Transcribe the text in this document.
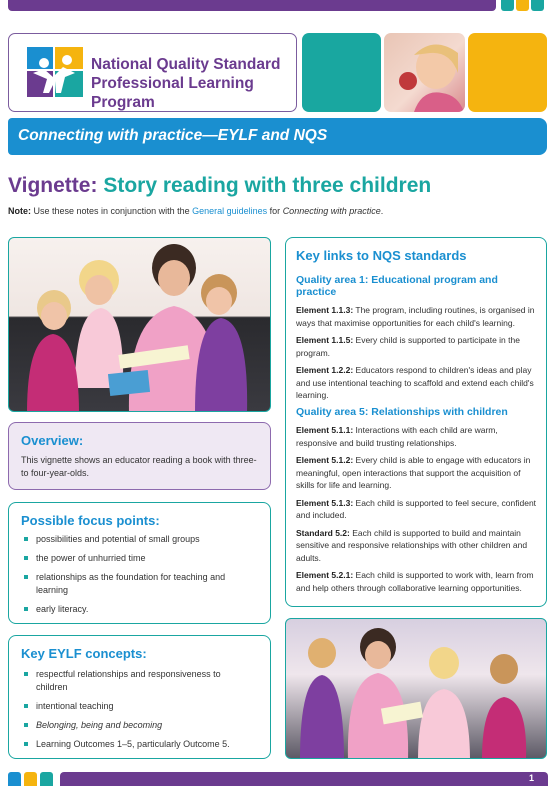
National Quality Standard
Professional Learning Program
Connecting with practice—EYLF and NQS
Vignette: Story reading with three children
Note: Use these notes in conjunction with the General guidelines for Connecting with practice.
Overview:

This vignette shows an educator reading a book with three- to four-year-olds.

Possible focus points:
possibilities and potential of small groups
the power of unhurried time
relationships as the foundation for teaching and learning
early literacy.
Key EYLF concepts:
respectful relationships and responsiveness to children
intentional teaching
Belonging, being and becoming
Learning Outcomes 1–5, particularly Outcome 5.
Key links to NQS standards
Quality area 1: Educational program and practice

Element 1.1.3: The program, including routines, is organised in ways that maximise opportunities for each child's learning.

Element 1.1.5: Every child is supported to participate in the program.

Element 1.2.2: Educators respond to children's ideas and play and use intentional teaching to scaffold and extend each child's learning.

Quality area 5: Relationships with children

Element 5.1.1: Interactions with each child are warm, responsive and build trusting relationships.

Element 5.1.2: Every child is able to engage with educators in meaningful, open interactions that support the acquisition of skills for life and learning.

Element 5.1.3: Each child is supported to feel secure, confident and included.

Standard 5.2: Each child is supported to build and maintain sensitive and responsive relationships with other children and adults.

Element 5.2.1: Each child is supported to work with, learn from and help others through collaborative learning opportunities.

1
